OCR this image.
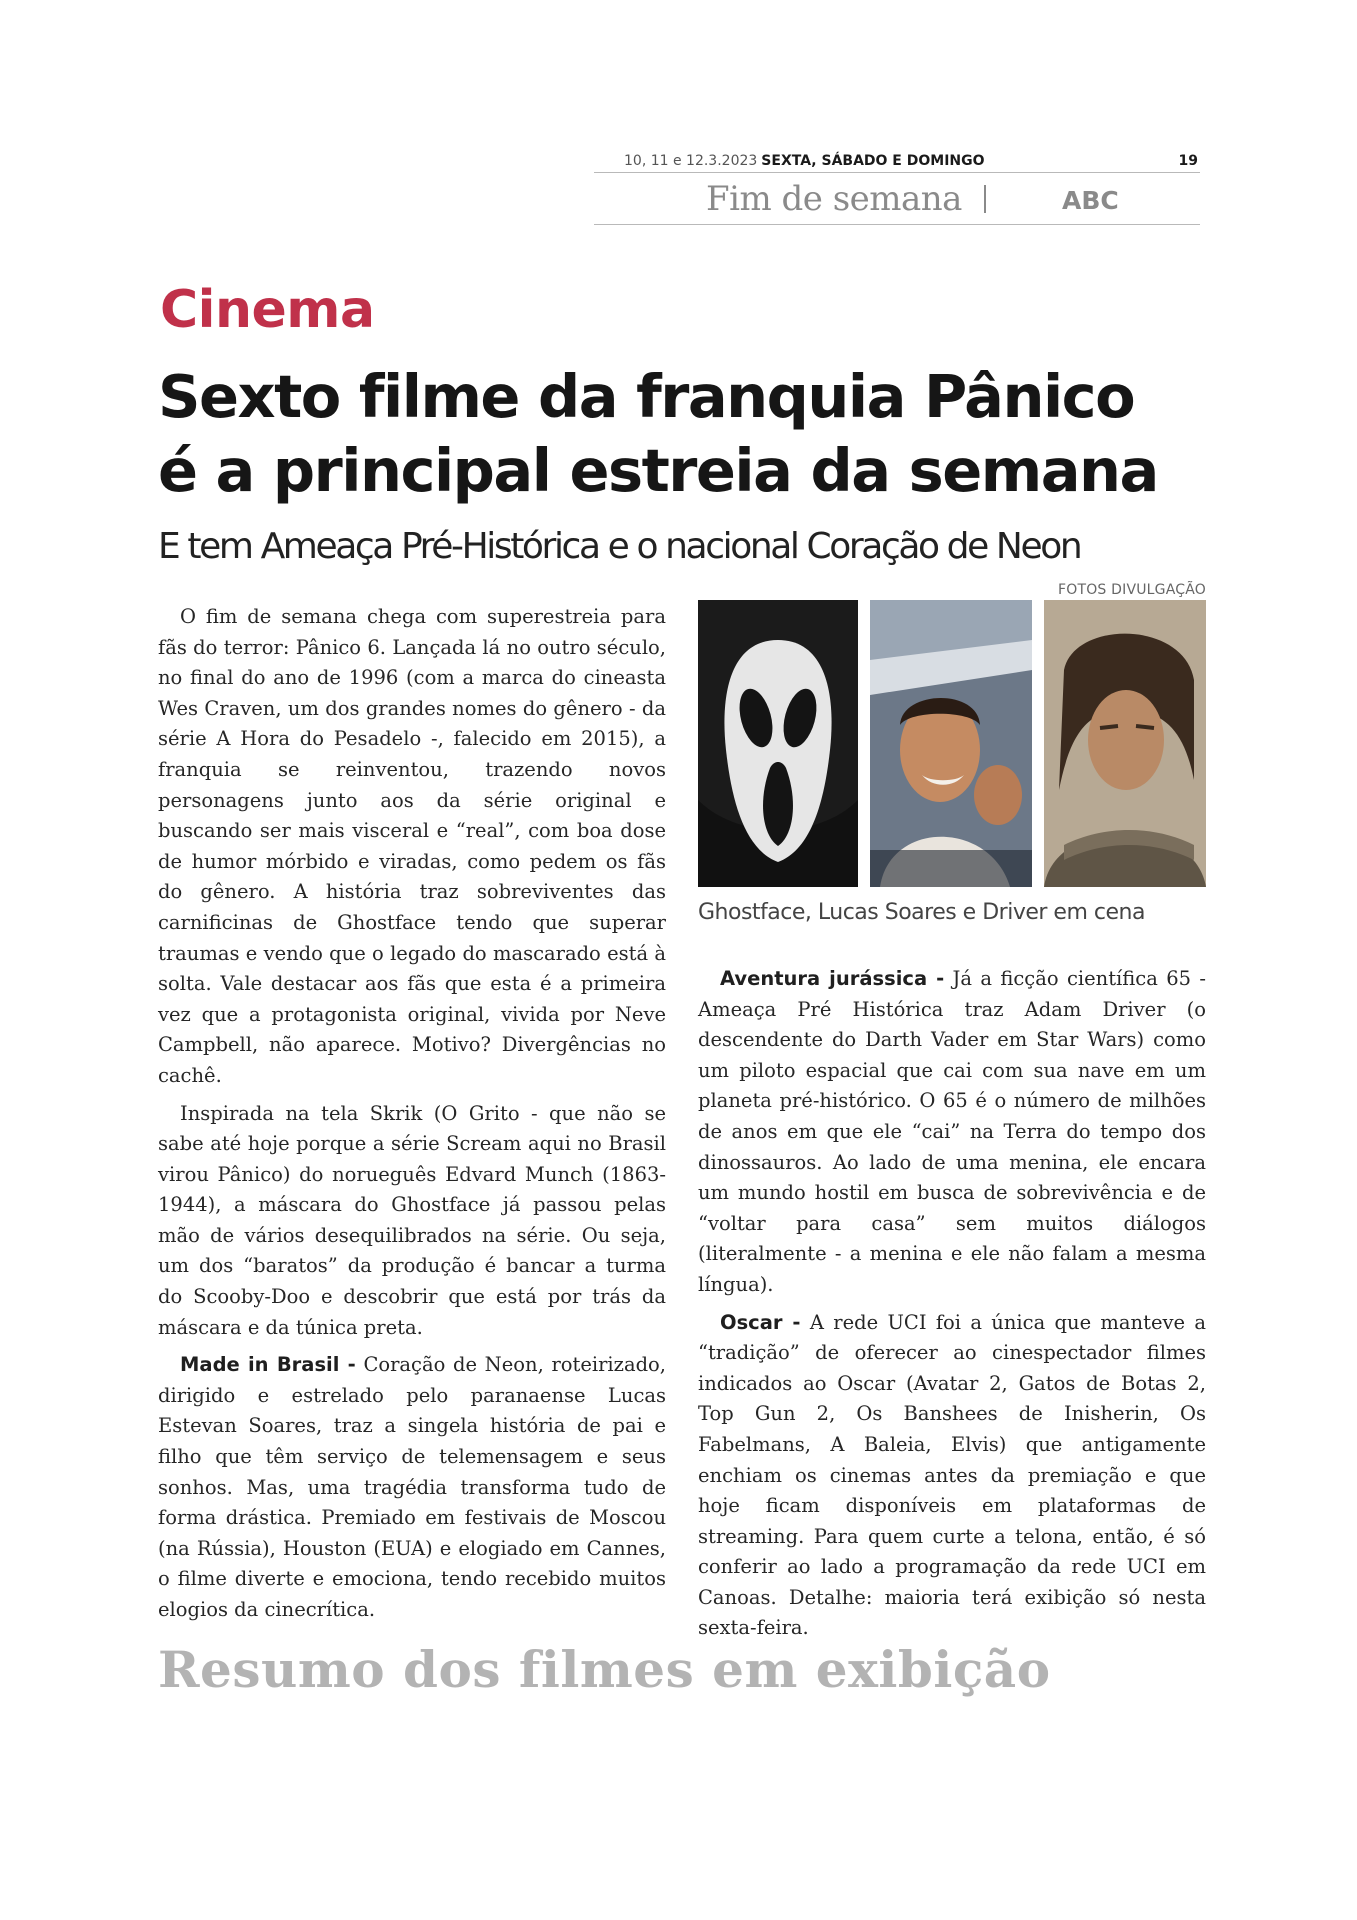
10, 11 e 12.3.2023 SEXTA, SÁBADO E DOMINGO	19
Fim de semana	ABC
Cinema
Sexto filme da franquia Pânico
é a principal estreia da semana
E tem Ameaça Pré-Histórica e o nacional Coração de Neon

O fim de semana chega com superestreia para fãs do terror: Pânico 6. Lançada lá no outro século, no final do ano de 1996 (com a marca do cineasta Wes Craven, um dos grandes nomes do gênero - da série A Hora do Pesadelo -, falecido em 2015), a franquia se reinventou, trazendo novos personagens junto aos da série original e buscando ser mais visceral e “real”, com boa dose de humor mórbido e viradas, como pedem os fãs do gênero. A história traz sobreviventes das carnificinas de Ghostface tendo que superar traumas e vendo que o legado do mascarado está à solta. Vale destacar aos fãs que esta é a primeira vez que a protagonista original, vivida por Neve Campbell, não aparece. Motivo? Divergências no cachê.

Inspirada na tela Skrik (O Grito - que não se sabe até hoje porque a série Scream aqui no Brasil virou Pânico) do norueguês Edvard Munch (1863-1944), a máscara do Ghostface já passou pelas mão de vários desequilibrados na série. Ou seja, um dos “baratos” da produção é bancar a turma do Scooby-Doo e descobrir que está por trás da máscara e da túnica preta.

Made in Brasil - Coração de Neon, roteirizado, dirigido e estrelado pelo paranaense Lucas Estevan Soares, traz a singela história de pai e filho que têm serviço de telemensagem e seus sonhos. Mas, uma tragédia transforma tudo de forma drástica. Premiado em festivais de Moscou (na Rússia), Houston (EUA) e elogiado em Cannes, o filme diverte e emociona, tendo recebido muitos elogios da cinecrítica.

FOTOS DIVULGAÇÃO
Ghostface, Lucas Soares e Driver em cena

Aventura jurássica - Já a ficção científica 65 - Ameaça Pré Histórica traz Adam Driver (o descendente do Darth Vader em Star Wars) como um piloto espacial que cai com sua nave em um planeta pré-histórico. O 65 é o número de milhões de anos em que ele “cai” na Terra do tempo dos dinossauros. Ao lado de uma menina, ele encara um mundo hostil em busca de sobrevivência e de “voltar para casa” sem muitos diálogos (literalmente - a menina e ele não falam a mesma língua).

Oscar - A rede UCI foi a única que manteve a “tradição” de oferecer ao cinespectador filmes indicados ao Oscar (Avatar 2, Gatos de Botas 2, Top Gun 2, Os Banshees de Inisherin, Os Fabelmans, A Baleia, Elvis) que antigamente enchiam os cinemas antes da premiação e que hoje ficam disponíveis em plataformas de streaming. Para quem curte a telona, então, é só conferir ao lado a programação da rede UCI em Canoas. Detalhe: maioria terá exibição só nesta sexta-feira.

Resumo dos filmes em exibição
